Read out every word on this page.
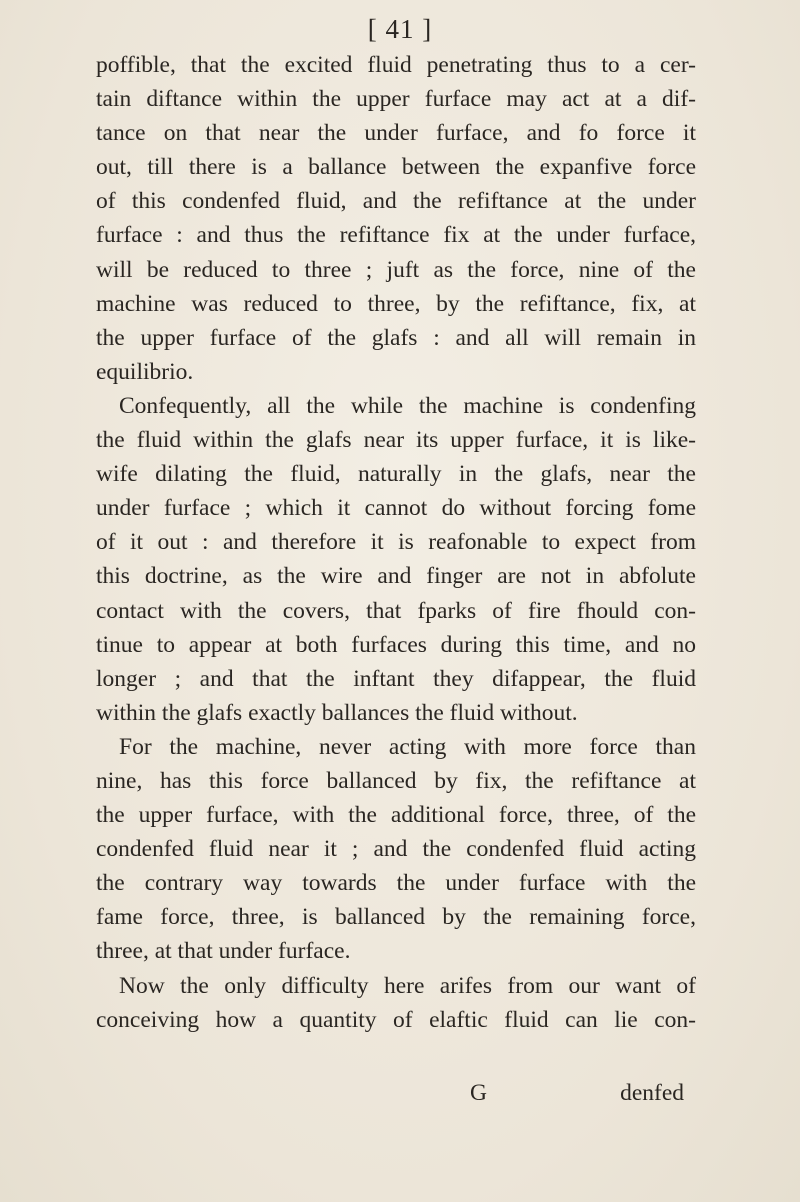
[ 41 ]

poffible, that the excited fluid penetrating thus to a cer-
tain diftance within the upper furface may act at a dif-
tance on that near the under furface, and fo force it
out, till there is a ballance between the expanfive force
of this condenfed fluid, and the refiftance at the under
furface : and thus the refiftance fix at the under furface,
will be reduced to three ; juft as the force, nine of the
machine was reduced to three, by the refiftance, fix, at
the upper furface of the glafs : and all will remain in
equilibrio.
Confequently, all the while the machine is condenfing
the fluid within the glafs near its upper furface, it is like-
wife dilating the fluid, naturally in the glafs, near the
under furface ; which it cannot do without forcing fome
of it out : and therefore it is reafonable to expect from
this doctrine, as the wire and finger are not in abfolute
contact with the covers, that fparks of fire fhould con-
tinue to appear at both furfaces during this time, and no
longer ; and that the inftant they difappear, the fluid
within the glafs exactly ballances the fluid without.
For the machine, never acting with more force than
nine, has this force ballanced by fix, the refiftance at
the upper furface, with the additional force, three, of the
condenfed fluid near it ; and the condenfed fluid acting
the contrary way towards the under furface with the
fame force, three, is ballanced by the remaining force,
three, at that under furface.
Now the only difficulty here arifes from our want of
conceiving how a quantity of elaftic fluid can lie con-
G	denfed
